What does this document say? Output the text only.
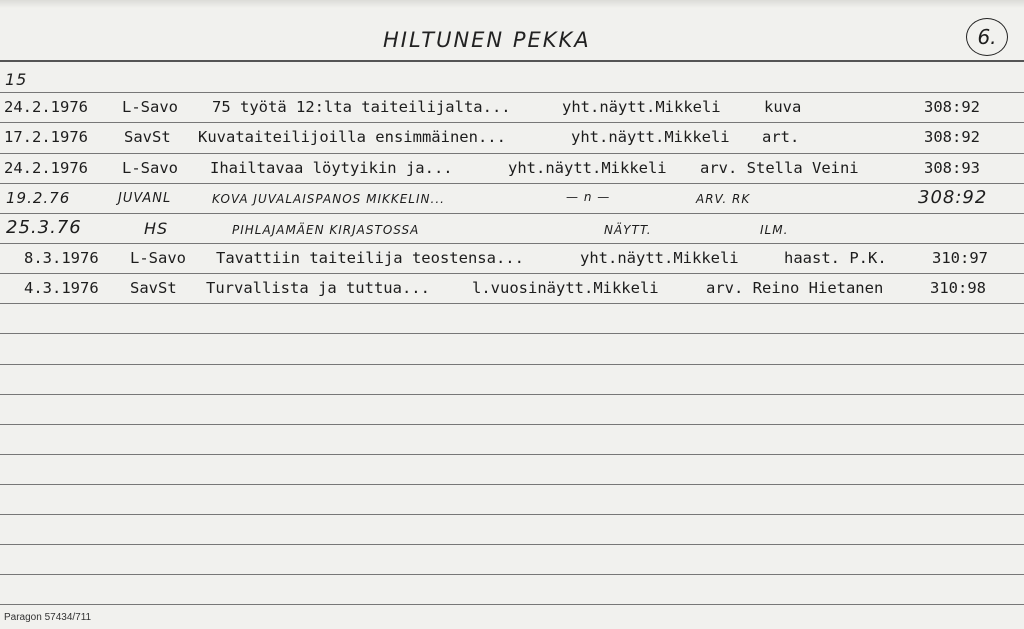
HILTUNEN PEKKA	6.
15
24.2.1976 L-Savo 75 työtä 12:lta taiteilijalta...	yht.näytt.Mikkeli	kuva	308:92
17.2.1976 SavSt Kuvataiteilijoilla ensimmäinen...	yht.näytt.Mikkeli art.	308:92
24.2.1976 L-Savo Ihailtavaa löytyikin ja...	yht.näytt.Mikkeli arv. Stella Veini	308:93
19.2.76	JUVANL	KOVA JUVALAISPANOS MIKKELIN...	— n —	ARV. RK	308:92
25.3.76	HS	PIHLAJAMÄEN KIRJASTOSSA	NÄYTT.	ILM.
8.3.1976 L-Savo Tavattiin taiteilija teostensa...	yht.näytt.Mikkeli	haast. P.K.	310:97
4.3.1976 SavSt Turvallista ja tuttua...	l.vuosinäytt.Mikkeli	arv. Reino Hietanen	310:98
Paragon 57434/711
